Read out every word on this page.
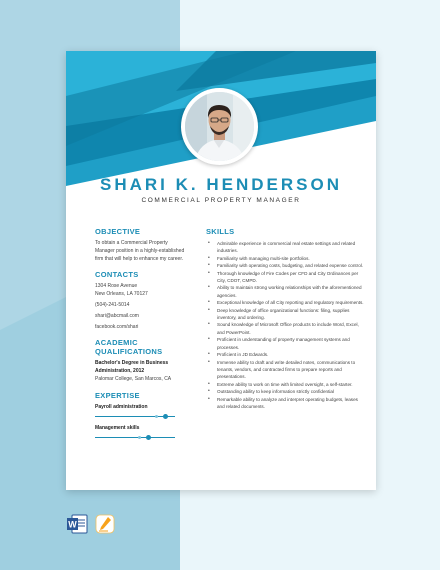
SHARI K. HENDERSON
COMMERCIAL PROPERTY MANAGER
OBJECTIVE
To obtain a Commercial Property Manager position in a highly-established firm that will help to enhance my career.
CONTACTS
1304 Rose Avenue
New Orleans, LA 70127
(504)-241-5014
shari@abcmail.com
facebook.com/shari
ACADEMIC
QUALIFICATIONS
Bachelor's Degree in Business
Administration, 2012
Palomar College, San Marcos, CA
EXPERTISE
Payroll administration
Management skills
SKILLS
• Admirable experience in commercial real estate settings and related industries.
• Familiarity with managing multi-site portfolios.
• Familiarity with operating costs, budgeting, and related expense control.
• Thorough knowledge of Fire Codes per CFD and City Ordinances per City, CDOT, CMPD.
• Ability to maintain strong working relationships with the aforementioned agencies.
• Exceptional knowledge of all City reporting and regulatory requirements.
• Deep knowledge of office organizational functions: filing, supplies inventory, and ordering.
• Sound knowledge of Microsoft Office products to include Word, Excel, and PowerPoint.
• Proficient in understanding of property management systems and processes.
• Proficient in JD Edwards.
• Immense ability to draft and write detailed notes, communications to tenants, vendors, and contracted firms to prepare reports and presentations.
• Extreme ability to work on time with limited oversight, a self-starter.
• Outstanding ability to keep information strictly confidential
• Remarkable ability to analyze and interpret operating budgets, leases and related documents.
W
